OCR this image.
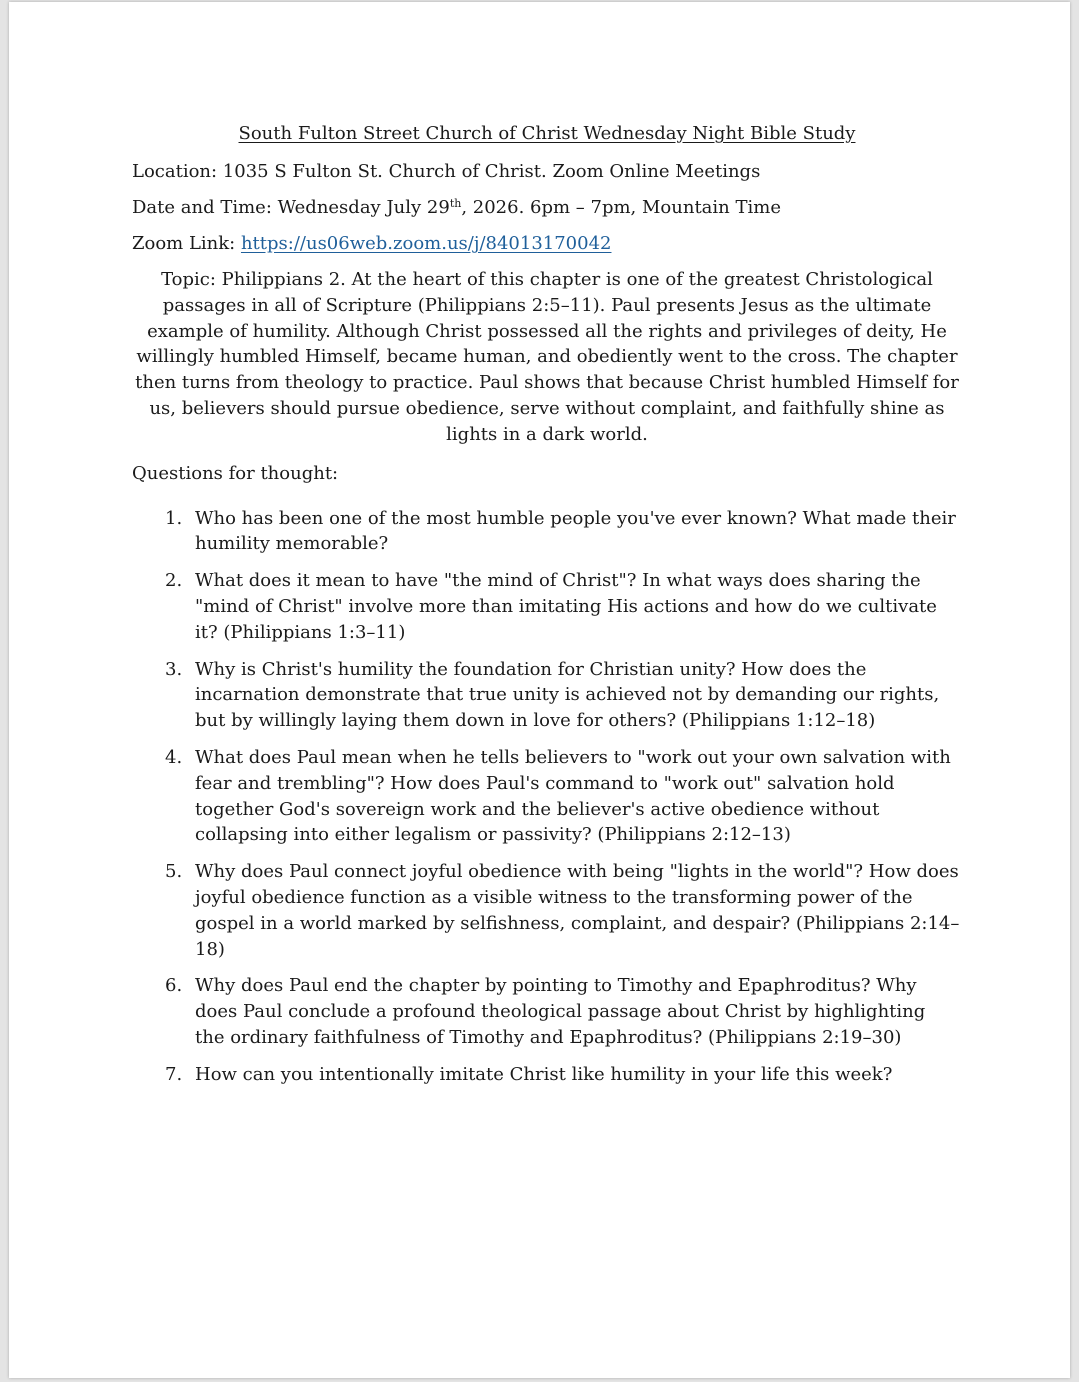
South Fulton Street Church of Christ Wednesday Night Bible Study
Location: 1035 S Fulton St. Church of Christ. Zoom Online Meetings
Date and Time: Wednesday July 29th, 2026. 6pm – 7pm, Mountain Time
Zoom Link: https://us06web.zoom.us/j/84013170042
Topic: Philippians 2. At the heart of this chapter is one of the greatest Christological passages in all of Scripture (Philippians 2:5–11). Paul presents Jesus as the ultimate example of humility. Although Christ possessed all the rights and privileges of deity, He willingly humbled Himself, became human, and obediently went to the cross. The chapter then turns from theology to practice. Paul shows that because Christ humbled Himself for us, believers should pursue obedience, serve without complaint, and faithfully shine as lights in a dark world.
Questions for thought:
1. Who has been one of the most humble people you've ever known? What made their humility memorable?
2. What does it mean to have "the mind of Christ"? In what ways does sharing the "mind of Christ" involve more than imitating His actions and how do we cultivate it? (Philippians 1:3–11)
3. Why is Christ's humility the foundation for Christian unity? How does the incarnation demonstrate that true unity is achieved not by demanding our rights, but by willingly laying them down in love for others? (Philippians 1:12–18)
4. What does Paul mean when he tells believers to "work out your own salvation with fear and trembling"? How does Paul's command to "work out" salvation hold together God's sovereign work and the believer's active obedience without collapsing into either legalism or passivity? (Philippians 2:12–13)
5. Why does Paul connect joyful obedience with being "lights in the world"? How does joyful obedience function as a visible witness to the transforming power of the gospel in a world marked by selfishness, complaint, and despair? (Philippians 2:14–18)
6. Why does Paul end the chapter by pointing to Timothy and Epaphroditus? Why does Paul conclude a profound theological passage about Christ by highlighting the ordinary faithfulness of Timothy and Epaphroditus? (Philippians 2:19–30)
7. How can you intentionally imitate Christ like humility in your life this week?
